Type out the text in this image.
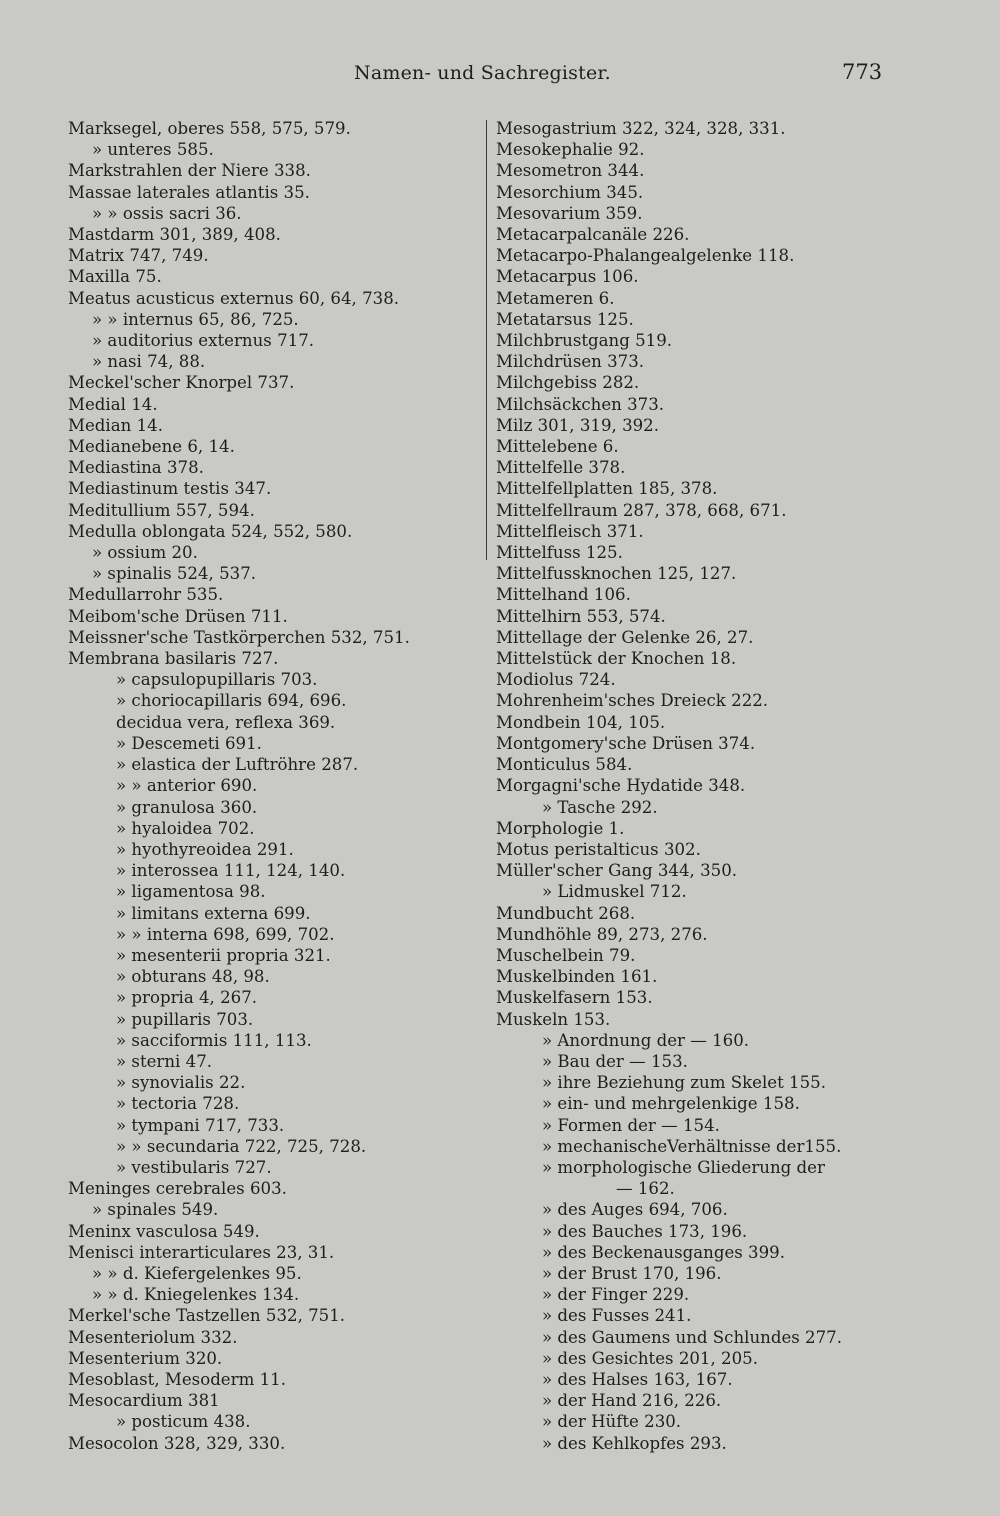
Namen- und Sachregister.	773
Marksegel, oberes 558, 575, 579.
» unteres 585.
Markstrahlen der Niere 338.
Massae laterales atlantis 35.
» » ossis sacri 36.
Mastdarm 301, 389, 408.
Matrix 747, 749.
Maxilla 75.
Meatus acusticus externus 60, 64, 738.
» » internus 65, 86, 725.
» auditorius externus 717.
» nasi 74, 88.
Meckel'scher Knorpel 737.
Medial 14.
Median 14.
Medianebene 6, 14.
Mediastina 378.
Mediastinum testis 347.
Meditullium 557, 594.
Medulla oblongata 524, 552, 580.
» ossium 20.
» spinalis 524, 537.
Medullarrohr 535.
Meibom'sche Drüsen 711.
Meissner'sche Tastkörperchen 532, 751.
Membrana basilaris 727.
» capsulopupillaris 703.
» choriocapillaris 694, 696.
decidua vera, reflexa 369.
» Descemeti 691.
» elastica der Luftröhre 287.
» » anterior 690.
» granulosa 360.
» hyaloidea 702.
» hyothyreoidea 291.
» interossea 111, 124, 140.
» ligamentosa 98.
» limitans externa 699.
» » interna 698, 699, 702.
» mesenterii propria 321.
» obturans 48, 98.
» propria 4, 267.
» pupillaris 703.
» sacciformis 111, 113.
» sterni 47.
» synovialis 22.
» tectoria 728.
» tympani 717, 733.
» » secundaria 722, 725, 728.
» vestibularis 727.
Meninges cerebrales 603.
» spinales 549.
Meninx vasculosa 549.
Menisci interarticulares 23, 31.
» » d. Kiefergelenkes 95.
» » d. Kniegelenkes 134.
Merkel'sche Tastzellen 532, 751.
Mesenteriolum 332.
Mesenterium 320.
Mesoblast, Mesoderm 11.
Mesocardium 381
» posticum 438.
Mesocolon 328, 329, 330.
Mesogastrium 322, 324, 328, 331.
Mesokephalie 92.
Mesometron 344.
Mesorchium 345.
Mesovarium 359.
Metacarpalcanäle 226.
Metacarpo-Phalangealgelenke 118.
Metacarpus 106.
Metameren 6.
Metatarsus 125.
Milchbrustgang 519.
Milchdrüsen 373.
Milchgebiss 282.
Milchsäckchen 373.
Milz 301, 319, 392.
Mittelebene 6.
Mittelfelle 378.
Mittelfellplatten 185, 378.
Mittelfellraum 287, 378, 668, 671.
Mittelfleisch 371.
Mittelfuss 125.
Mittelfussknochen 125, 127.
Mittelhand 106.
Mittelhirn 553, 574.
Mittellage der Gelenke 26, 27.
Mittelstück der Knochen 18.
Modiolus 724.
Mohrenheim'sches Dreieck 222.
Mondbein 104, 105.
Montgomery'sche Drüsen 374.
Monticulus 584.
Morgagni'sche Hydatide 348.
» Tasche 292.
Morphologie 1.
Motus peristalticus 302.
Müller'scher Gang 344, 350.
» Lidmuskel 712.
Mundbucht 268.
Mundhöhle 89, 273, 276.
Muschelbein 79.
Muskelbinden 161.
Muskelfasern 153.
Muskeln 153.
» Anordnung der — 160.
» Bau der — 153.
» ihre Beziehung zum Skelet 155.
» ein- und mehrgelenkige 158.
» Formen der — 154.
» mechanischeVerhältnisse der155.
» morphologische Gliederung der
— 162.
» des Auges 694, 706.
» des Bauches 173, 196.
» des Beckenausganges 399.
» der Brust 170, 196.
» der Finger 229.
» des Fusses 241.
» des Gaumens und Schlundes 277.
» des Gesichtes 201, 205.
» des Halses 163, 167.
» der Hand 216, 226.
» der Hüfte 230.
» des Kehlkopfes 293.
